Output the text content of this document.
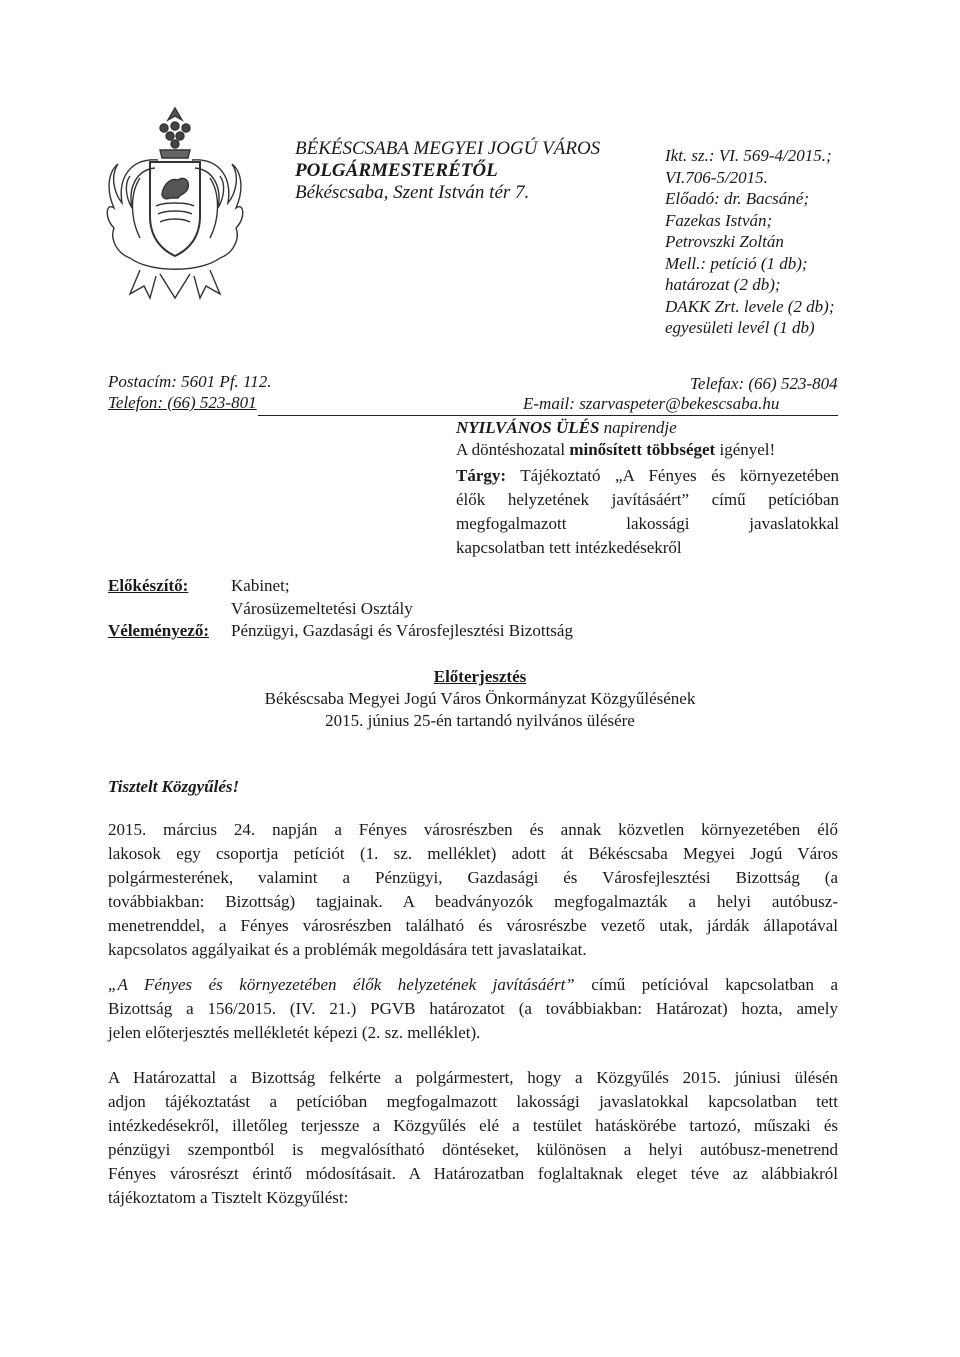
BÉKÉSCSABA MEGYEI JOGÚ VÁROS
POLGÁRMESTERÉTŐL
Békéscsaba, Szent István tér 7.
Ikt. sz.: VI. 569-4/2015.;
VI.706-5/2015.
Előadó: dr. Bacsáné;
Fazekas István;
Petrovszki Zoltán
Mell.: petíció (1 db);
határozat (2 db);
DAKK Zrt. levele (2 db);
egyesületi levél (1 db)
Postacím: 5601 Pf. 112.
Telefon: (66) 523-801
Telefax: (66) 523-804
E-mail: szarvaspeter@bekescsaba.hu
NYILVÁNOS ÜLÉS napirendje
A döntéshozatal minősített többséget igényel!
Tárgy: Tájékoztató „A Fényes és környezetében
élők helyzetének javításáért” című petícióban
megfogalmazott lakossági javaslatokkal
kapcsolatban tett intézkedésekről
Előkészítő:	Kabinet;
Városüzemeltetési Osztály
Véleményező: Pénzügyi, Gazdasági és Városfejlesztési Bizottság
Előterjesztés
Békéscsaba Megyei Jogú Város Önkormányzat Közgyűlésének
2015. június 25-én tartandó nyilvános ülésére
Tisztelt Közgyűlés!
2015. március 24. napján a Fényes városrészben és annak közvetlen környezetében élő
lakosok egy csoportja petíciót (1. sz. melléklet) adott át Békéscsaba Megyei Jogú Város
polgármesterének, valamint a Pénzügyi, Gazdasági és Városfejlesztési Bizottság (a
továbbiakban: Bizottság) tagjainak. A beadványozók megfogalmazták a helyi autóbusz-
menetrenddel, a Fényes városrészben található és városrészbe vezető utak, járdák állapotával
kapcsolatos aggályaikat és a problémák megoldására tett javaslataikat.
„A Fényes és környezetében élők helyzetének javításáért” című petícióval kapcsolatban a
Bizottság a 156/2015. (IV. 21.) PGVB határozatot (a továbbiakban: Határozat) hozta, amely
jelen előterjesztés mellékletét képezi (2. sz. melléklet).
A Határozattal a Bizottság felkérte a polgármestert, hogy a Közgyűlés 2015. júniusi ülésén
adjon tájékoztatást a petícióban megfogalmazott lakossági javaslatokkal kapcsolatban tett
intézkedésekről, illetőleg terjessze a Közgyűlés elé a testület hatáskörébe tartozó, műszaki és
pénzügyi szempontból is megvalósítható döntéseket, különösen a helyi autóbusz-menetrend
Fényes városrészt érintő módosításait. A Határozatban foglaltaknak eleget téve az alábbiakról
tájékoztatom a Tisztelt Közgyűlést:
